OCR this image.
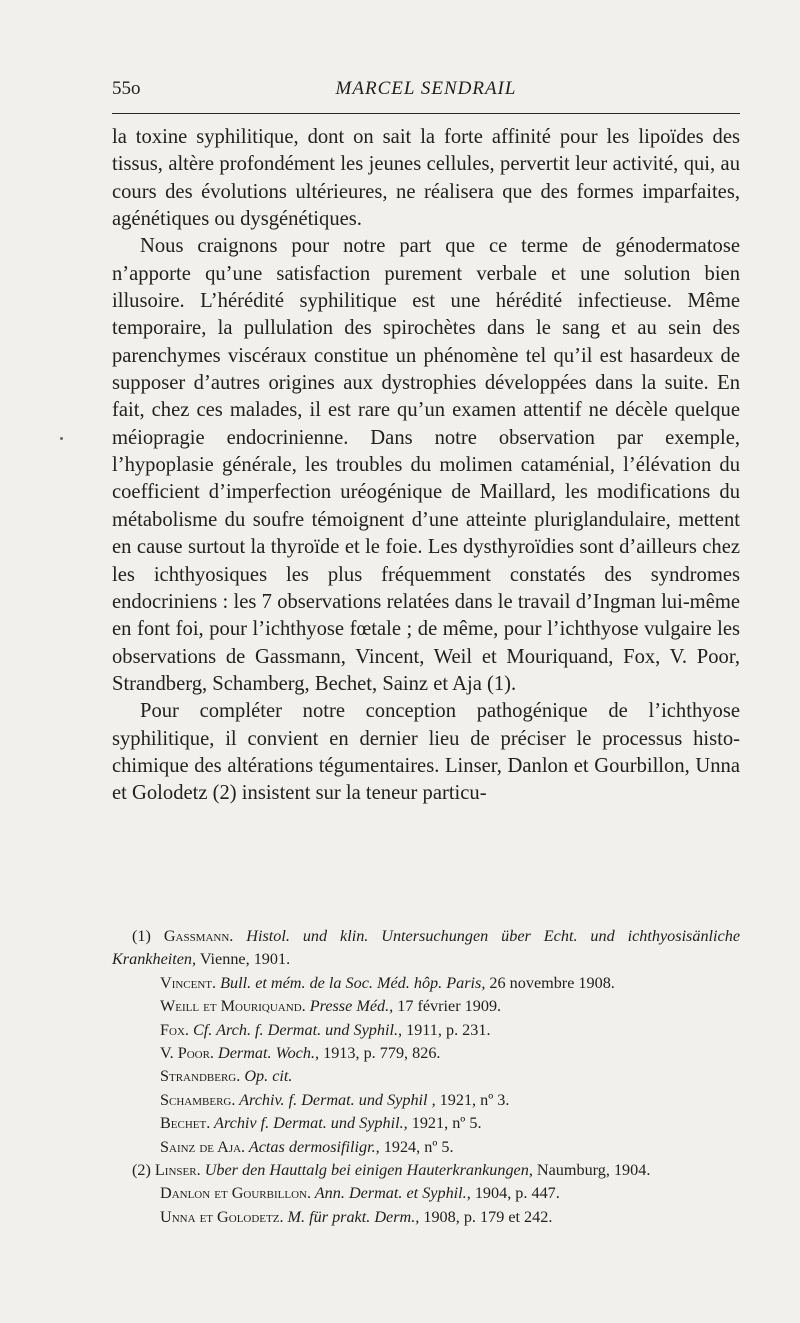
55o	MARCEL SENDRAIL

la toxine syphilitique, dont on sait la forte affinité pour les lipoïdes des tissus, altère profondément les jeunes cellules, pervertit leur activité, qui, au cours des évolutions ultérieures, ne réalisera que des formes imparfaites, agénétiques ou dysgénétiques.

Nous craignons pour notre part que ce terme de génodermatose n’apporte qu’une satisfaction purement verbale et une solution bien illusoire. L’hérédité syphilitique est une hérédité infectieuse. Même temporaire, la pullulation des spirochètes dans le sang et au sein des parenchymes viscéraux constitue un phénomène tel qu’il est hasardeux de supposer d’autres origines aux dystrophies développées dans la suite. En fait, chez ces malades, il est rare qu’un examen attentif ne décèle quelque méiopragie endocrinienne. Dans notre observation par exemple, l’hypoplasie générale, les troubles du molimen cataménial, l’élévation du coefficient d’imperfection uréogénique de Maillard, les modifications du métabolisme du soufre témoignent d’une atteinte pluriglandulaire, mettent en cause surtout la thyroïde et le foie. Les dysthyroïdies sont d’ailleurs chez les ichthyosiques les plus fréquemment constatés des syndromes endocriniens : les 7 observations relatées dans le travail d’Ingman lui-même en font foi, pour l’ichthyose fœtale ; de même, pour l’ichthyose vulgaire les observations de Gassmann, Vincent, Weil et Mouriquand, Fox, V. Poor, Strandberg, Schamberg, Bechet, Sainz et Aja (1).

Pour compléter notre conception pathogénique de l’ichthyose syphilitique, il convient en dernier lieu de préciser le processus histo-chimique des altérations tégumentaires. Linser, Danlon et Gourbillon, Unna et Golodetz (2) insistent sur la teneur particu-

(1) Gassmann. Histol. und klin. Untersuchungen über Echt. und ichthyosisänliche Krankheiten, Vienne, 1901.

Vincent. Bull. et mém. de la Soc. Méd. hôp. Paris, 26 novembre 1908.

Weill et Mouriquand. Presse Méd., 17 février 1909.

Fox. Cf. Arch. f. Dermat. und Syphil., 1911, p. 231.

V. Poor. Dermat. Woch., 1913, p. 779, 826.

Strandberg. Op. cit.

Schamberg. Archiv. f. Dermat. und Syphil , 1921, nº 3.

Bechet. Archiv f. Dermat. und Syphil., 1921, nº 5.

Sainz de Aja. Actas dermosifiligr., 1924, nº 5.

(2) Linser. Uber den Hauttalg bei einigen Hauterkrankungen, Naumburg, 1904.

Danlon et Gourbillon. Ann. Dermat. et Syphil., 1904, p. 447.

Unna et Golodetz. M. für prakt. Derm., 1908, p. 179 et 242.
